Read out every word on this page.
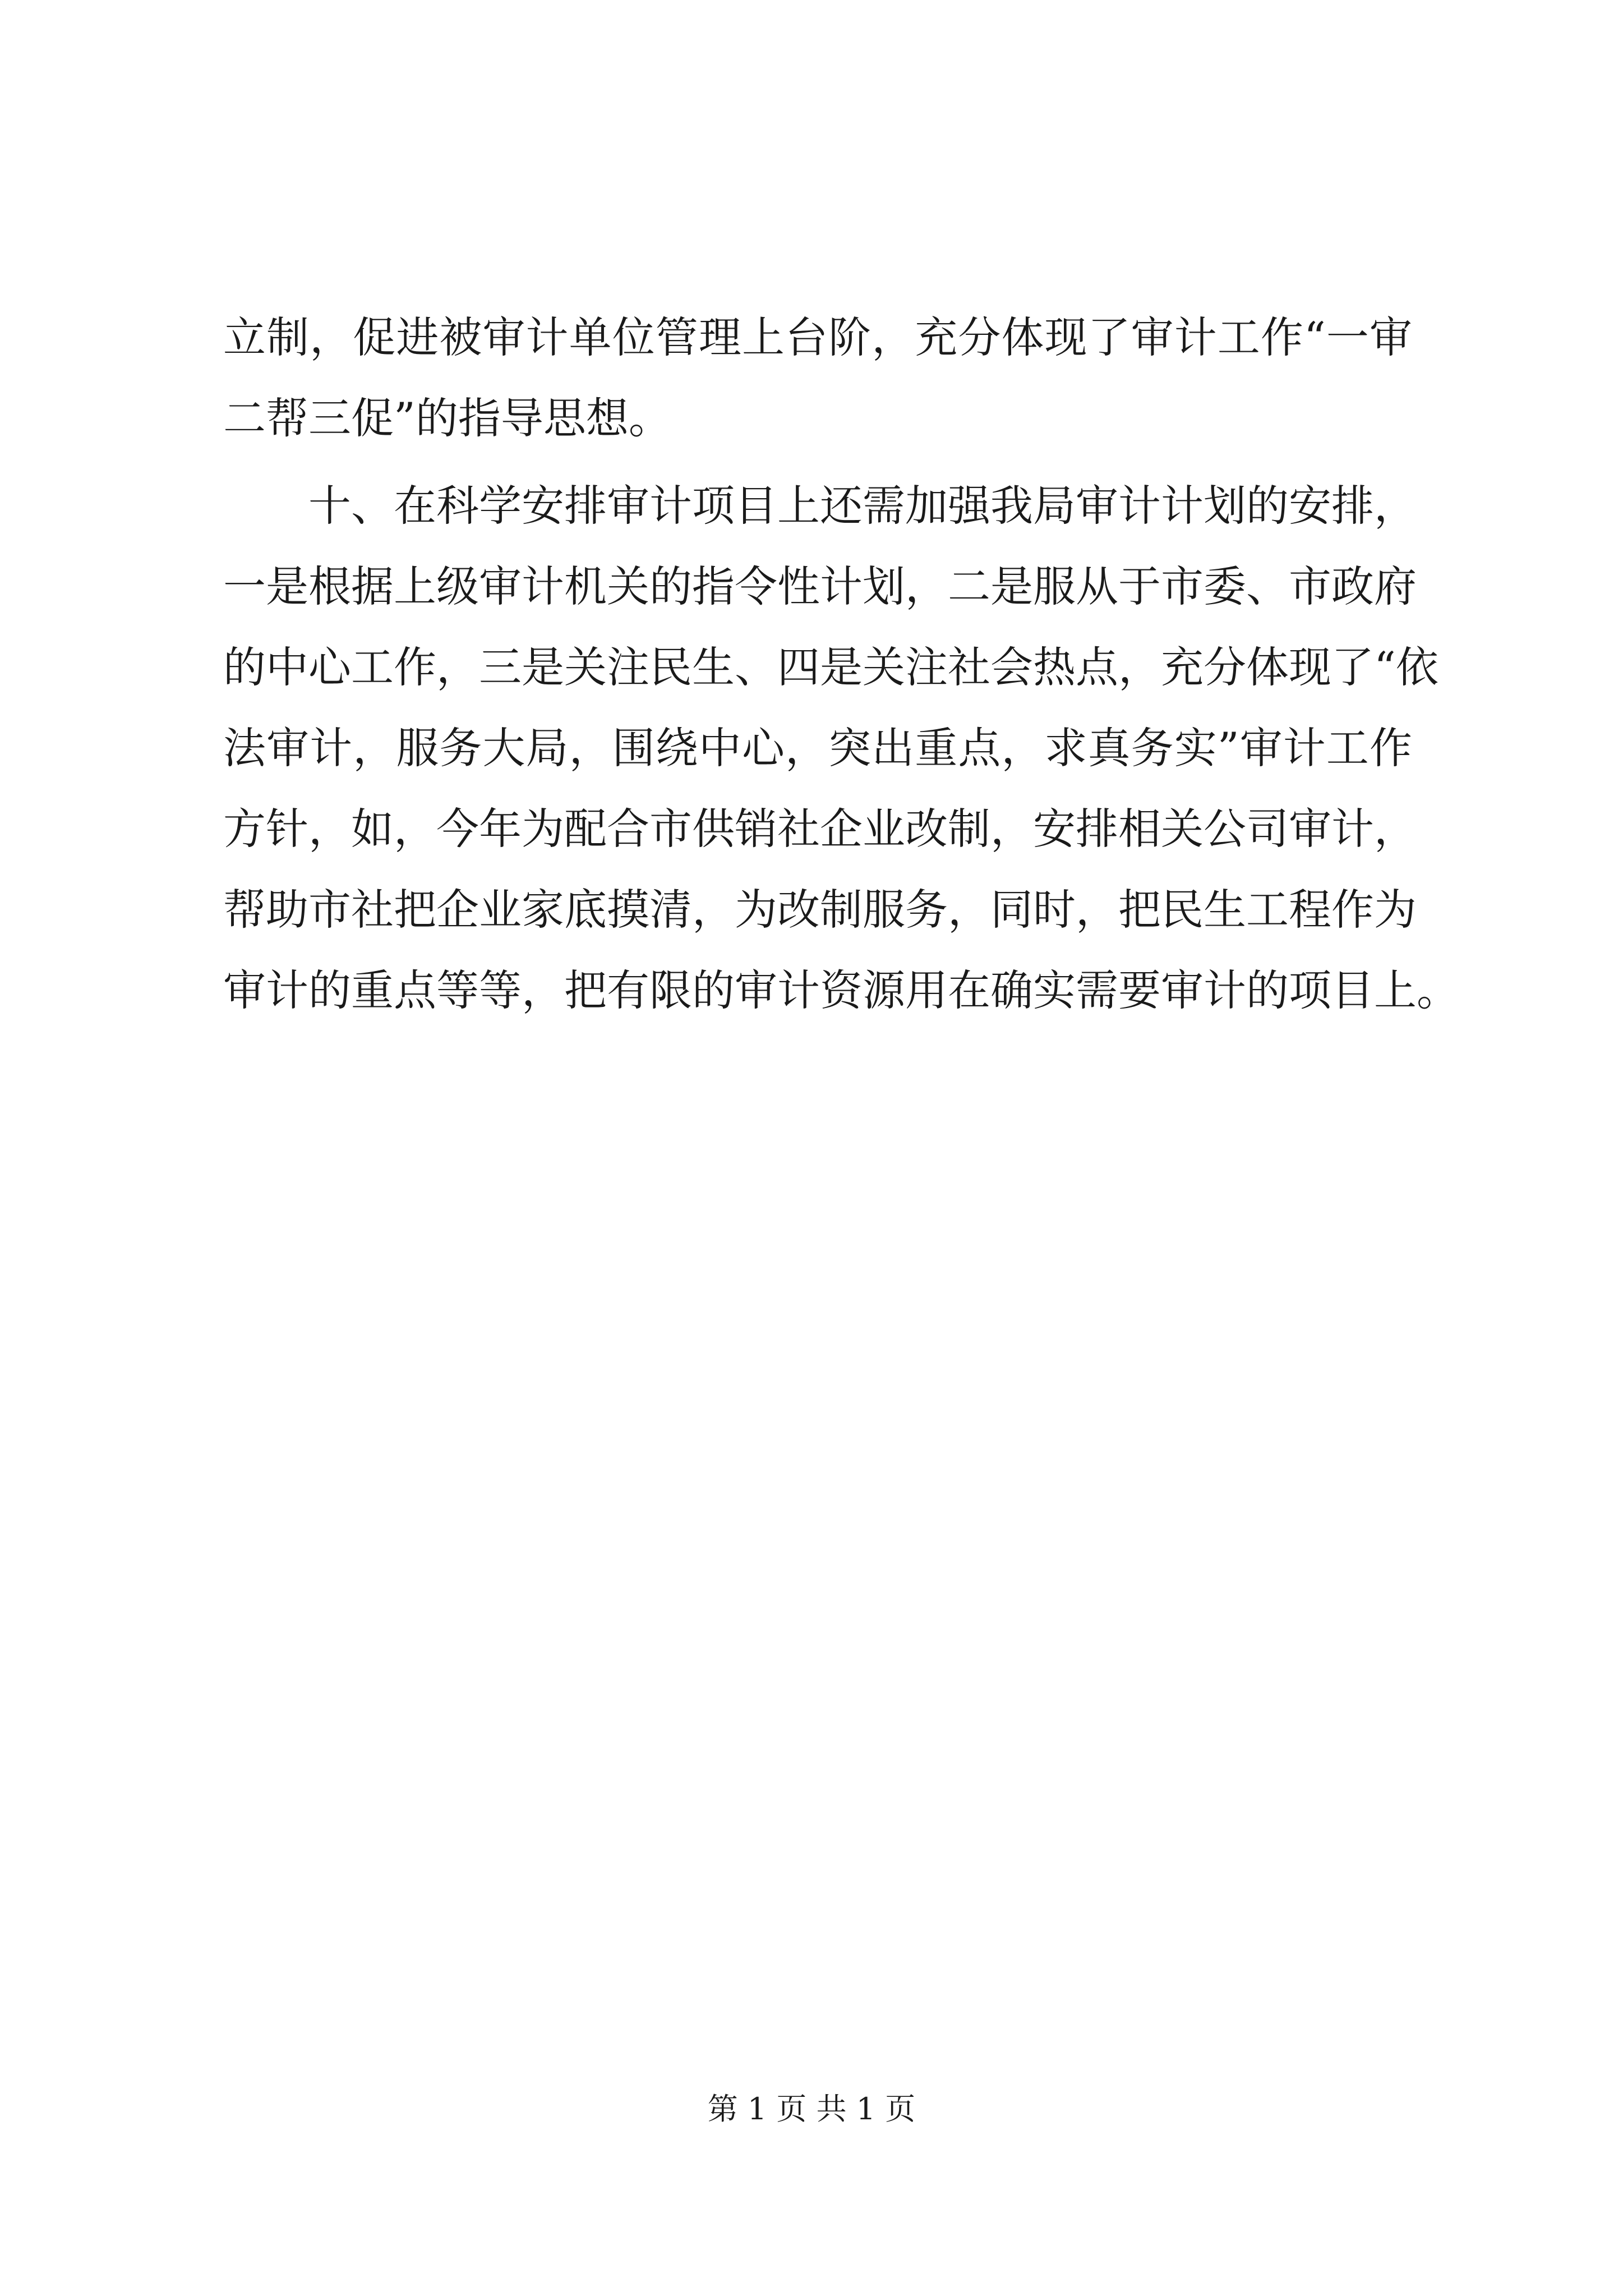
立制，促进被审计单位管理上台阶，充分体现了审计工作“一审
二帮三促”的指导思想。
十、在科学安排审计项目上还需加强我局审计计划的安排，
一是根据上级审计机关的指令性计划，二是服从于市委、市政府
的中心工作，三是关注民生、四是关注社会热点，充分体现了“依
法审计，服务大局，围绕中心，突出重点，求真务实”审计工作
方针，如，今年为配合市供销社企业改制，安排相关公司审计，
帮助市社把企业家底摸清，为改制服务，同时，把民生工程作为
审计的重点等等，把有限的审计资源用在确实需要审计的项目上。
第 1 页 共 1 页
